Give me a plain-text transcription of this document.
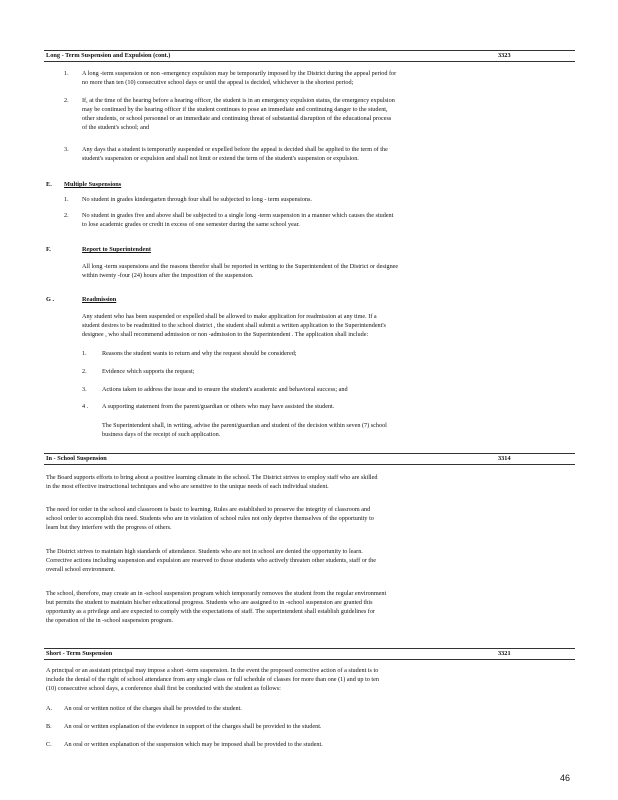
Long - Term Suspension and Expulsion (cont.)	3323
1. A long -term suspension or non -emergency expulsion may be temporarily imposed by the District during the appeal period for
no more than ten (10) consecutive school days or until the appeal is decided, whichever is the shortest period;
2. If, at the time of the hearing before a hearing officer, the student is in an emergency expulsion status, the emergency expulsion
may be continued by the hearing officer if the student continues to pose an immediate and continuing danger to the student,
other students, or school personnel or an immediate and continuing threat of substantial disruption of the educational process
of the student's school; and
3. Any days that a student is temporarily suspended or expelled before the appeal is decided shall be applied to the term of the
student's suspension or expulsion and shall not limit or extend the term of the student's suspension or expulsion.
E. Multiple Suspensions
1. No student in grades kindergarten through four shall be subjected to long - term suspensions.
2. No student in grades five and above shall be subjected to a single long -term suspension in a manner which causes the student
to lose academic grades or credit in excess of one semester during the same school year.
F.	Report to Superintendent
All long -term suspensions and the reasons therefor shall be reported in writing to the Superintendent of the District or designee
within twenty -four (24) hours after the imposition of the suspension.
G .	Readmission
Any student who has been suspended or expelled shall be allowed to make application for readmission at any time. If a
student desires to be readmitted to the school district , the student shall submit a written application to the Superintendent's
designee , who shall recommend admission or non -admission to the Superintendent . The application shall include:
1. Reasons the student wants to return and why the request should be considered;
2. Evidence which supports the request;
3. Actions taken to address the issue and to ensure the student's academic and behavioral success; and
4 . A supporting statement from the parent/guardian or others who may have assisted the student.
The Superintendent shall, in writing, advise the parent/guardian and student of the decision within seven (7) school
business days of the receipt of such application.
In - School Suspension	3314
The Board supports efforts to bring about a positive learning climate in the school. The District strives to employ staff who are skilled
in the most effective instructional techniques and who are sensitive to the unique needs of each individual student.
The need for order in the school and classroom is basic to learning. Rules are established to preserve the integrity of classroom and
school order to accomplish this need. Students who are in violation of school rules not only deprive themselves of the opportunity to
learn but they interfere with the progress of others.
The District strives to maintain high standards of attendance. Students who are not in school are denied the opportunity to learn.
Corrective actions including suspension and expulsion are reserved to those students who actively threaten other students, staff or the
overall school environment.
The school, therefore, may create an in -school suspension program which temporarily removes the student from the regular environment
but permits the student to maintain his/her educational progress. Students who are assigned to in -school suspension are granted this
opportunity as a privilege and are expected to comply with the expectations of staff. The superintendent shall establish guidelines for
the operation of the in -school suspension program.
Short - Term Suspension	3321
A principal or an assistant principal may impose a short -term suspension. In the event the proposed corrective action of a student is to
include the denial of the right of school attendance from any single class or full schedule of classes for more than one (1) and up to ten
(10) consecutive school days, a conference shall first be conducted with the student as follows:
A. An oral or written notice of the charges shall be provided to the student.
B. An oral or written explanation of the evidence in support of the charges shall be provided to the student.
C. An oral or written explanation of the suspension which may be imposed shall be provided to the student.
46
